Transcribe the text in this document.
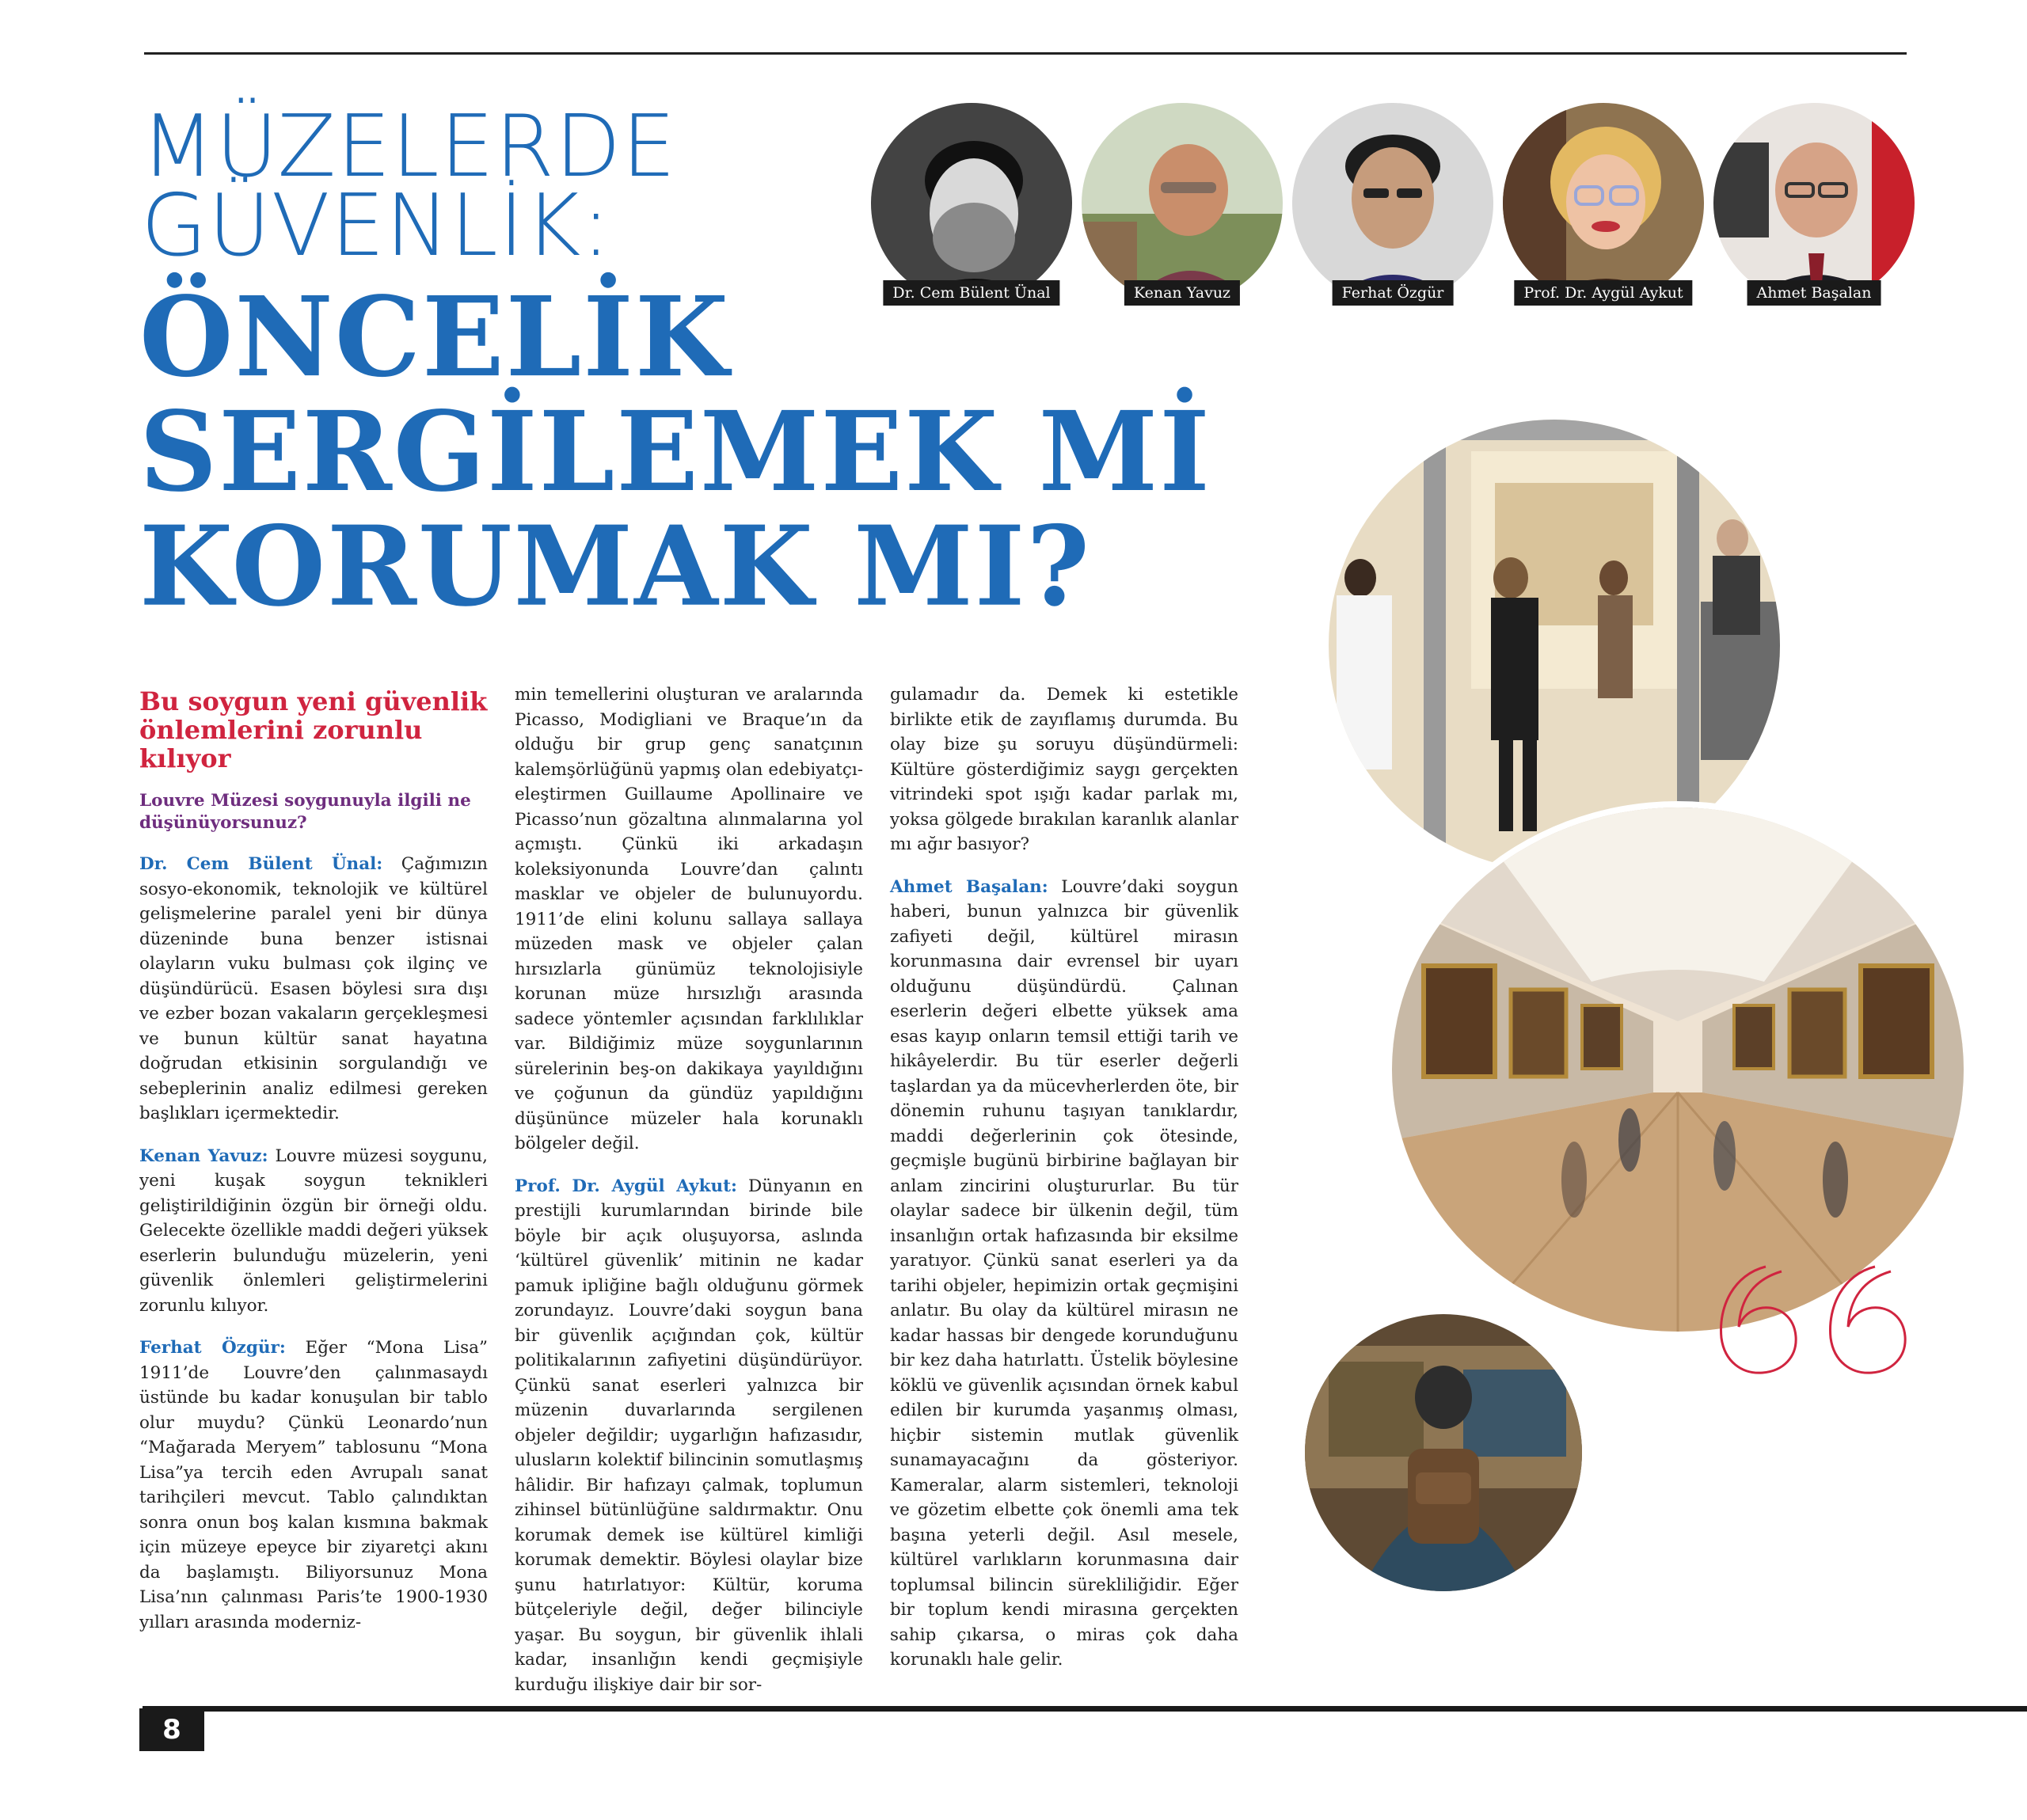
MÜZELERDE
GÜVENLİK:
ÖNCELİK
SERGİLEMEK Mİ
KORUMAK MI?
Dr. Cem Bülent Ünal	Kenan Yavuz	Ferhat Özgür	Prof. Dr. Aygül Aykut	Ahmet Başalan

Bu soygun yeni güvenlik önlemlerini zorunlu kılıyor

Louvre Müzesi soygunuyla ilgili ne düşünüyorsunuz?

Dr. Cem Bülent Ünal: Çağımızın sosyo-ekonomik, teknolojik ve kültürel gelişmelerine paralel yeni bir dünya düzeninde buna benzer istisnai olayların vuku bulması çok ilginç ve düşündürücü. Esasen böylesi sıra dışı ve ezber bozan vakaların gerçekleşmesi ve bunun kültür sanat hayatına doğrudan etkisinin sorgulandığı ve sebeplerinin analiz edilmesi gereken başlıkları içermektedir.

Kenan Yavuz: Louvre müzesi soygunu, yeni kuşak soygun teknikleri geliştirildiğinin özgün bir örneği oldu. Gelecekte özellikle maddi değeri yüksek eserlerin bulunduğu müzelerin, yeni güvenlik önlemleri geliştirmelerini zorunlu kılıyor.

Ferhat Özgür: Eğer “Mona Lisa” 1911’de Louvre’den çalınmasaydı üstünde bu kadar konuşulan bir tablo olur muydu? Çünkü Leonardo’nun “Mağarada Meryem” tablosunu “Mona Lisa”ya tercih eden Avrupalı sanat tarihçileri mevcut. Tablo çalındıktan sonra onun boş kalan kısmına bakmak için müzeye epeyce bir ziyaretçi akını da başlamıştı. Biliyorsunuz Mona Lisa’nın çalınması Paris’te 1900-1930 yılları arasında moderniz-

min temellerini oluşturan ve aralarında Picasso, Modigliani ve Braque’ın da olduğu bir grup genç sanatçının kalemşörlüğünü yapmış olan edebiyatçı-eleştirmen Guillaume Apollinaire ve Picasso’nun gözaltına alınmalarına yol açmıştı. Çünkü iki arkadaşın koleksiyonunda Louvre’dan çalıntı masklar ve objeler de bulunuyordu. 1911’de elini kolunu sallaya sallaya müzeden mask ve objeler çalan hırsızlarla günümüz teknolojisiyle korunan müze hırsızlığı arasında sadece yöntemler açısından farklılıklar var. Bildiğimiz müze soygunlarının sürelerinin beş-on dakikaya yayıldığını ve çoğunun da gündüz yapıldığını düşününce müzeler hala korunaklı bölgeler değil.

Prof. Dr. Aygül Aykut: Dünyanın en prestijli kurumlarından birinde bile böyle bir açık oluşuyorsa, aslında ‘kültürel güvenlik’ mitinin ne kadar pamuk ipliğine bağlı olduğunu görmek zorundayız. Louvre’daki soygun bana bir güvenlik açığından çok, kültür politikalarının zafiyetini düşündürüyor. Çünkü sanat eserleri yalnızca bir müzenin duvarlarında sergilenen objeler değildir; uygarlığın hafızasıdır, ulusların kolektif bilincinin somutlaşmış hâlidir. Bir hafızayı çalmak, toplumun zihinsel bütünlüğüne saldırmaktır. Onu korumak demek ise kültürel kimliği korumak demektir. Böylesi olaylar bize şunu hatırlatıyor: Kültür, koruma bütçeleriyle değil, değer bilinciyle yaşar. Bu soygun, bir güvenlik ihlali kadar, insanlığın kendi geçmişiyle kurduğu ilişkiye dair bir sor-

gulamadır da. Demek ki estetikle birlikte etik de zayıflamış durumda. Bu olay bize şu soruyu düşündürmeli: Kültüre gösterdiğimiz saygı gerçekten vitrindeki spot ışığı kadar parlak mı, yoksa gölgede bırakılan karanlık alanlar mı ağır basıyor?

Ahmet Başalan: Louvre’daki soygun haberi, bunun yalnızca bir güvenlik zafiyeti değil, kültürel mirasın korunmasına dair evrensel bir uyarı olduğunu düşündürdü. Çalınan eserlerin değeri elbette yüksek ama esas kayıp onların temsil ettiği tarih ve hikâyelerdir. Bu tür eserler değerli taşlardan ya da mücevherlerden öte, bir dönemin ruhunu taşıyan tanıklardır, maddi değerlerinin çok ötesinde, geçmişle bugünü birbirine bağlayan bir anlam zincirini oluştururlar. Bu tür olaylar sadece bir ülkenin değil, tüm insanlığın ortak hafızasında bir eksilme yaratıyor. Çünkü sanat eserleri ya da tarihi objeler, hepimizin ortak geçmişini anlatır. Bu olay da kültürel mirasın ne kadar hassas bir dengede korunduğunu bir kez daha hatırlattı. Üstelik böylesine köklü ve güvenlik açısından örnek kabul edilen bir kurumda yaşanmış olması, hiçbir sistemin mutlak güvenlik sunamayacağını da gösteriyor. Kameralar, alarm sistemleri, teknoloji ve gözetim elbette çok önemli ama tek başına yeterli değil. Asıl mesele, kültürel varlıkların korunmasına dair toplumsal bilincin sürekliliğidir. Eğer bir toplum kendi mirasına gerçekten sahip çıkarsa, o miras çok daha korunaklı hale gelir.

8
